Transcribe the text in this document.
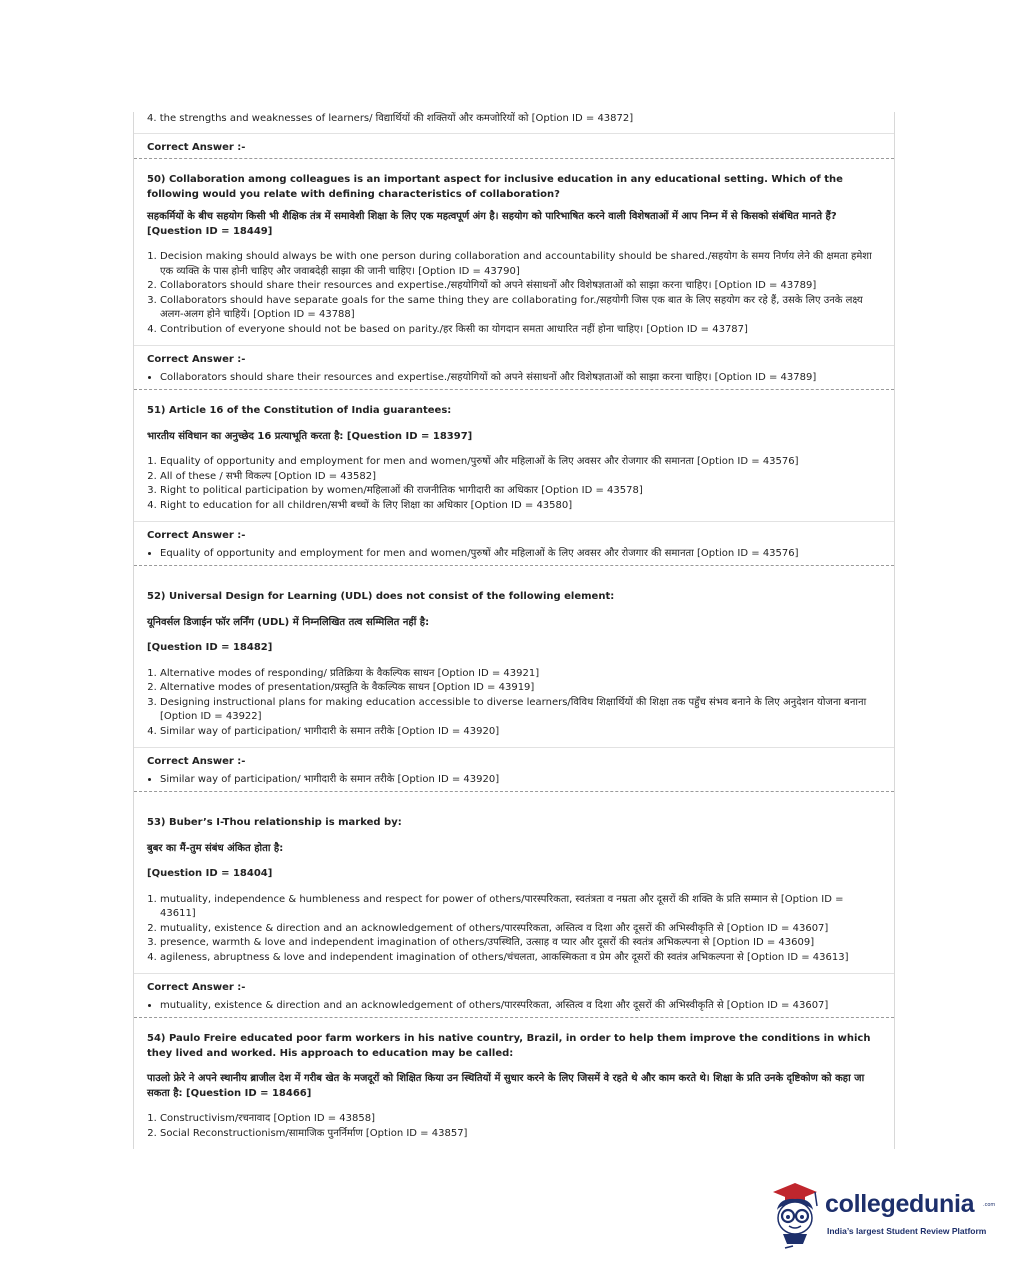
4. the strengths and weaknesses of learners/ विद्यार्थियों की शक्तियों और कमजोरियों को [Option ID = 43872]
Correct Answer :-
50) Collaboration among colleagues is an important aspect for inclusive education in any educational setting. Which of the following would you relate with defining characteristics of collaboration?
सहकर्मियों के बीच सहयोग किसी भी शैक्षिक तंत्र में समावेशी शिक्षा के लिए एक महत्वपूर्ण अंग है। सहयोग को पारिभाषित करने वाली विशेषताओं में आप निम्न में से किसको संबंधित मानते हैं? [Question ID = 18449]
1. Decision making should always be with one person during collaboration and accountability should be shared./सहयोग के समय निर्णय लेने की क्षमता हमेशा एक व्यक्ति के पास होनी चाहिए और जवाबदेही साझा की जानी चाहिए। [Option ID = 43790]
2. Collaborators should share their resources and expertise./सहयोगियों को अपने संसाधनों और विशेषज्ञताओं को साझा करना चाहिए। [Option ID = 43789]
3. Collaborators should have separate goals for the same thing they are collaborating for./सहयोगी जिस एक बात के लिए सहयोग कर रहे हैं, उसके लिए उनके लक्ष्य अलग-अलग होने चाहियें। [Option ID = 43788]
4. Contribution of everyone should not be based on parity./हर किसी का योगदान समता आधारित नहीं होना चाहिए। [Option ID = 43787]
Correct Answer :-
• Collaborators should share their resources and expertise./सहयोगियों को अपने संसाधनों और विशेषज्ञताओं को साझा करना चाहिए। [Option ID = 43789]
51) Article 16 of the Constitution of India guarantees:
भारतीय संविधान का अनुच्छेद 16 प्रत्याभूति करता है: [Question ID = 18397]
1. Equality of opportunity and employment for men and women/पुरुषों और महिलाओं के लिए अवसर और रोजगार की समानता [Option ID = 43576]
2. All of these / सभी विकल्प [Option ID = 43582]
3. Right to political participation by women/महिलाओं की राजनीतिक भागीदारी का अधिकार [Option ID = 43578]
4. Right to education for all children/सभी बच्चों के लिए शिक्षा का अधिकार [Option ID = 43580]
Correct Answer :-
• Equality of opportunity and employment for men and women/पुरुषों और महिलाओं के लिए अवसर और रोजगार की समानता [Option ID = 43576]
52) Universal Design for Learning (UDL) does not consist of the following element:
यूनिवर्सल डिजाईन फॉर लर्निंग (UDL) में निम्नलिखित तत्व सम्मिलित नहीं है:
[Question ID = 18482]
1. Alternative modes of responding/ प्रतिक्रिया के वैकल्पिक साधन [Option ID = 43921]
2. Alternative modes of presentation/प्रस्तुति के वैकल्पिक साधन [Option ID = 43919]
3. Designing instructional plans for making education accessible to diverse learners/विविध शिक्षार्थियों की शिक्षा तक पहुँच संभव बनाने के लिए अनुदेशन योजना बनाना [Option ID = 43922]
4. Similar way of participation/ भागीदारी के समान तरीके [Option ID = 43920]
Correct Answer :-
• Similar way of participation/ भागीदारी के समान तरीके [Option ID = 43920]
53) Buber’s I-Thou relationship is marked by:
बुबर का मैं-तुम संबंध अंकित होता है:
[Question ID = 18404]
1. mutuality, independence & humbleness and respect for power of others/पारस्परिकता, स्वतंत्रता व नम्रता और दूसरों की शक्ति के प्रति सम्मान से [Option ID = 43611]
2. mutuality, existence & direction and an acknowledgement of others/पारस्परिकता, अस्तित्व व दिशा और दूसरों की अभिस्वीकृति से [Option ID = 43607]
3. presence, warmth & love and independent imagination of others/उपस्थिति, उत्साह व प्यार और दूसरों की स्वतंत्र अभिकल्पना से [Option ID = 43609]
4. agileness, abruptness & love and independent imagination of others/चंचलता, आकस्मिकता व प्रेम और दूसरों की स्वतंत्र अभिकल्पना से [Option ID = 43613]
Correct Answer :-
• mutuality, existence & direction and an acknowledgement of others/पारस्परिकता, अस्तित्व व दिशा और दूसरों की अभिस्वीकृति से [Option ID = 43607]
54) Paulo Freire educated poor farm workers in his native country, Brazil, in order to help them improve the conditions in which they lived and worked. His approach to education may be called:
पाउलो फ्रेरे ने अपने स्थानीय ब्राजील देश में गरीब खेत के मजदूरों को शिक्षित किया उन स्थितियों में सुधार करने के लिए जिसमें वे रहते थे और काम करते थे। शिक्षा के प्रति उनके दृष्टिकोण को कहा जा सकता है: [Question ID = 18466]
1. Constructivism/रचनावाद [Option ID = 43858]
2. Social Reconstructionism/सामाजिक पुनर्निर्माण [Option ID = 43857]
collegedunia .com
India’s largest Student Review Platform
